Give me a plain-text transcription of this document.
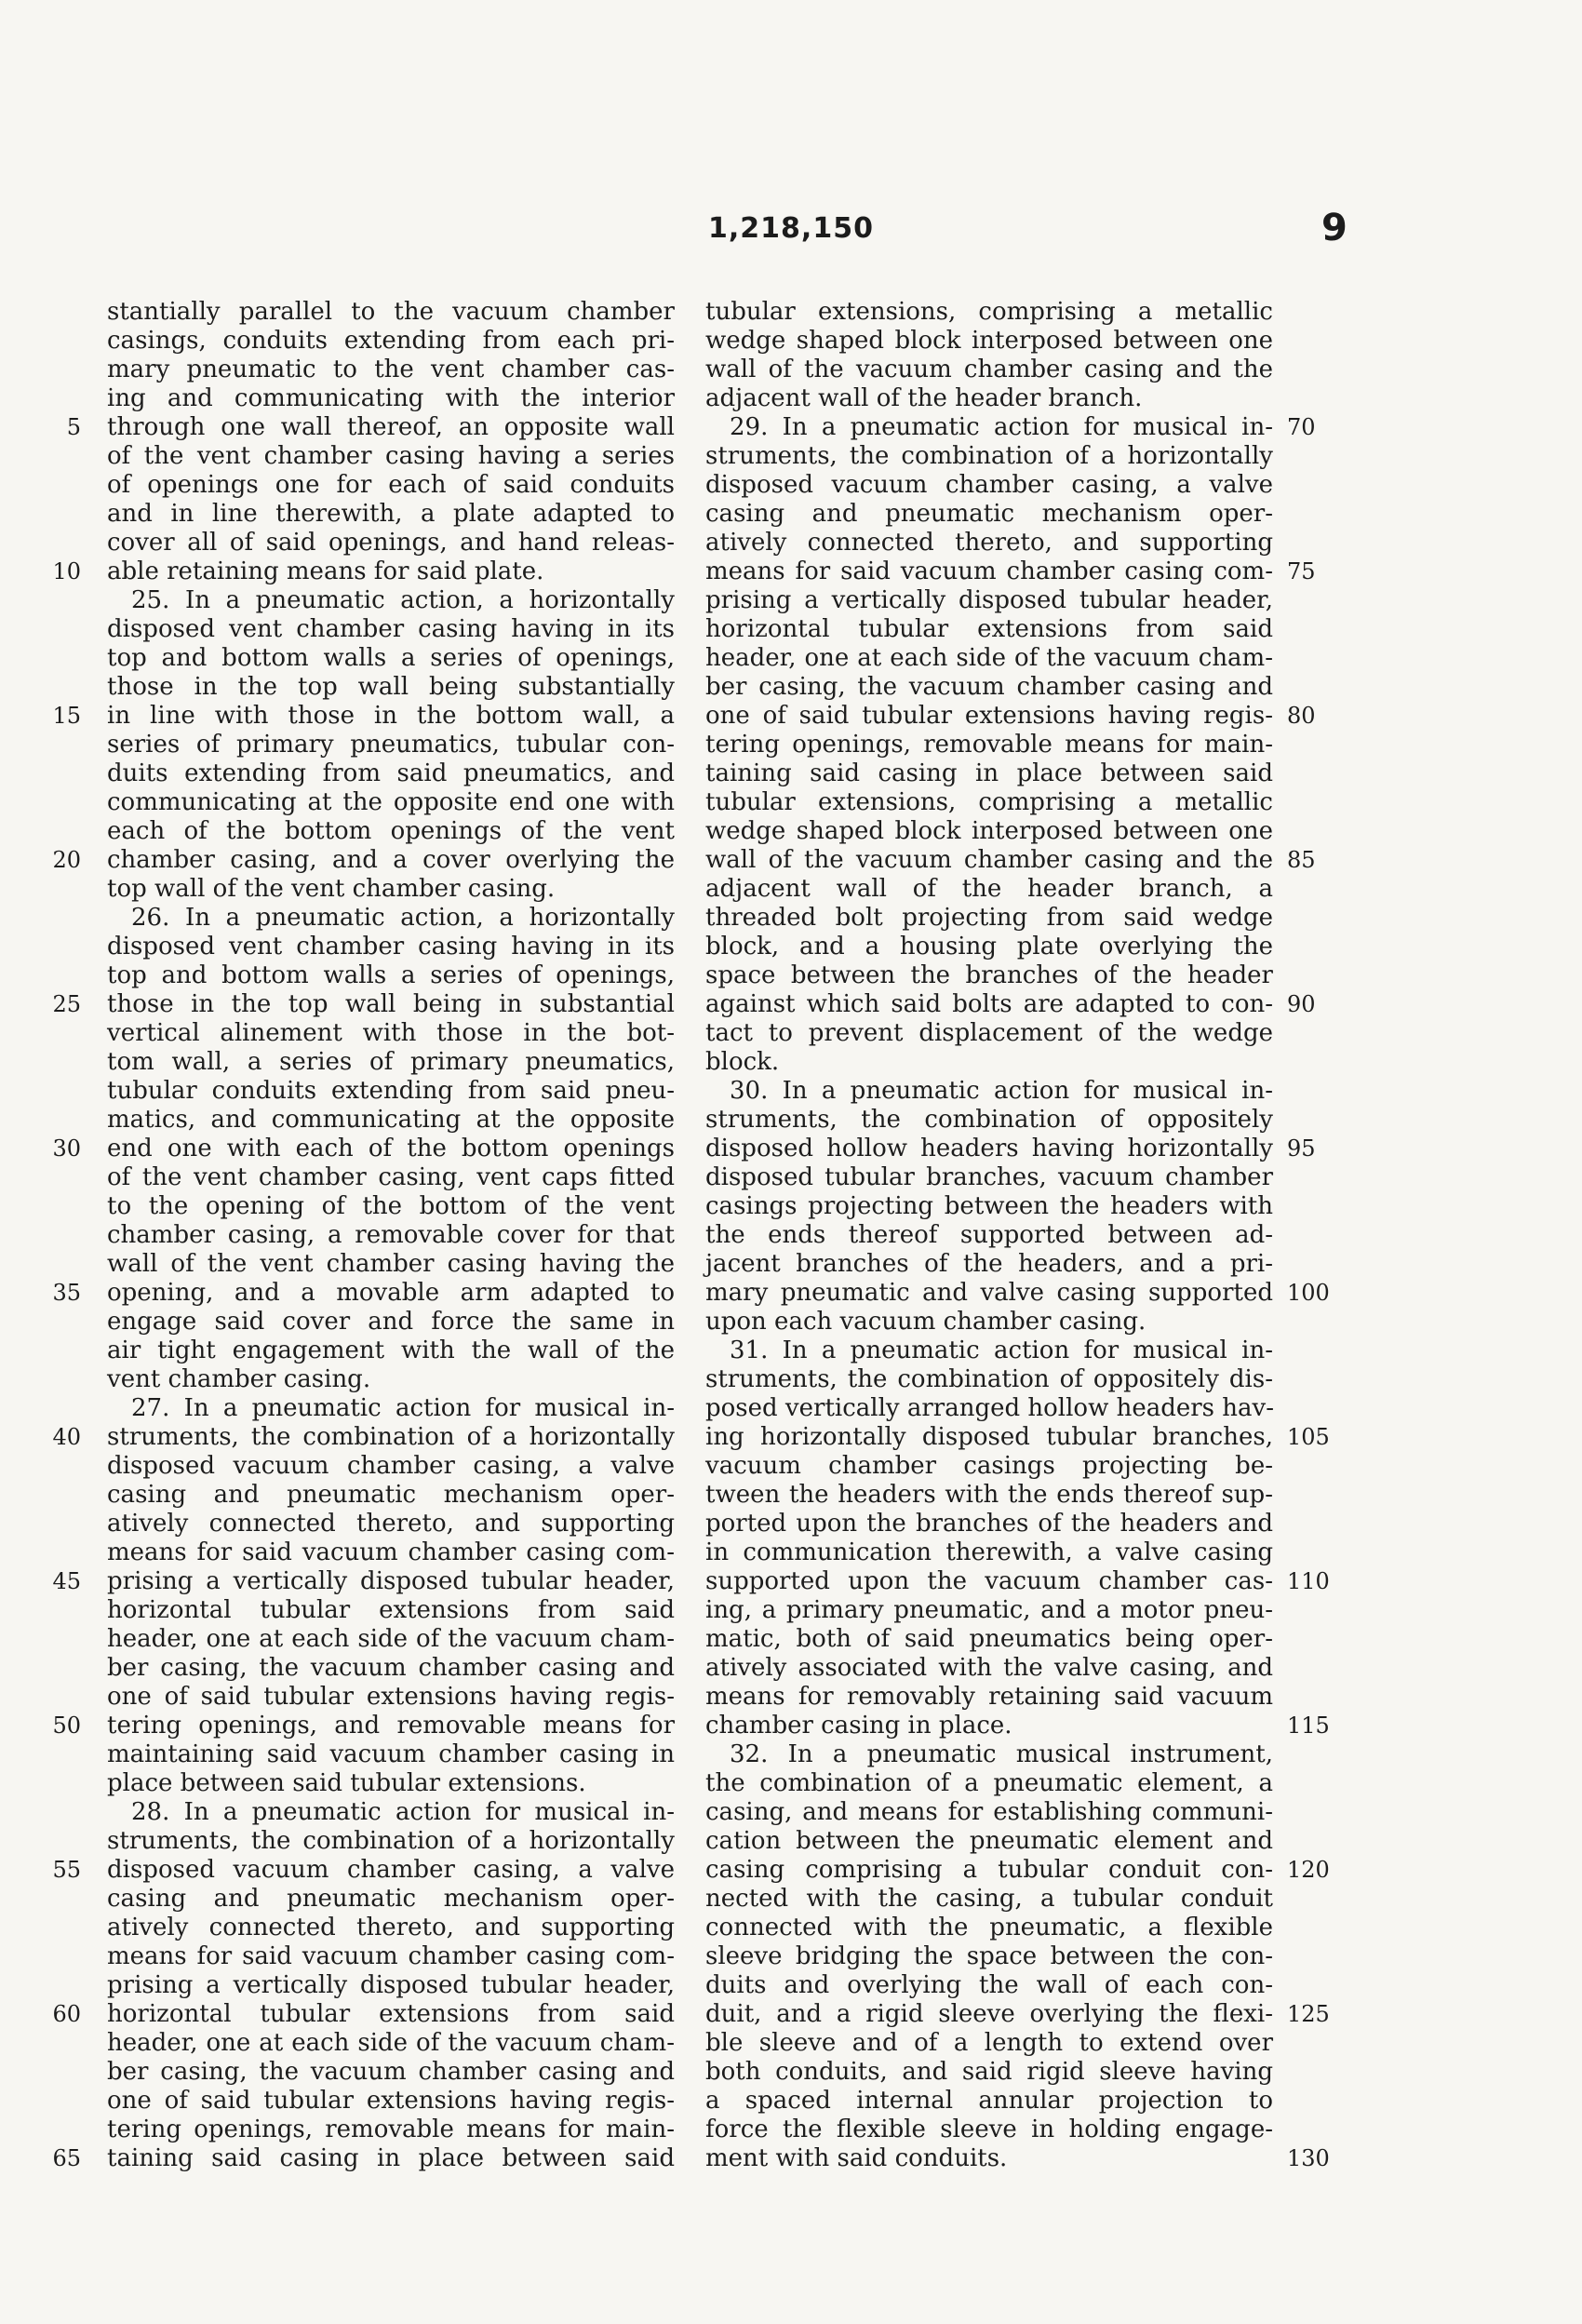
1,218,150	9
stantially parallel to the vacuum chamber
casings, conduits extending from each pri-
mary pneumatic to the vent chamber cas-
ing and communicating with the interior
through one wall thereof, an opposite wall
5
of the vent chamber casing having a series
of openings one for each of said conduits
and in line therewith, a plate adapted to
cover all of said openings, and hand releas-
able retaining means for said plate.
10
25. In a pneumatic action, a horizontally
disposed vent chamber casing having in its
top and bottom walls a series of openings,
those in the top wall being substantially
in line with those in the bottom wall, a
15
series of primary pneumatics, tubular con-
duits extending from said pneumatics, and
communicating at the opposite end one with
each of the bottom openings of the vent
chamber casing, and a cover overlying the
20
top wall of the vent chamber casing.
26. In a pneumatic action, a horizontally
disposed vent chamber casing having in its
top and bottom walls a series of openings,
those in the top wall being in substantial
25
vertical alinement with those in the bot-
tom wall, a series of primary pneumatics,
tubular conduits extending from said pneu-
matics, and communicating at the opposite
end one with each of the bottom openings
30
of the vent chamber casing, vent caps fitted
to the opening of the bottom of the vent
chamber casing, a removable cover for that
wall of the vent chamber casing having the
opening, and a movable arm adapted to
35
engage said cover and force the same in
air tight engagement with the wall of the
vent chamber casing.
27. In a pneumatic action for musical in-
struments, the combination of a horizontally
40
disposed vacuum chamber casing, a valve
casing and pneumatic mechanism oper-
atively connected thereto, and supporting
means for said vacuum chamber casing com-
prising a vertically disposed tubular header,
45
horizontal tubular extensions from said
header, one at each side of the vacuum cham-
ber casing, the vacuum chamber casing and
one of said tubular extensions having regis-
tering openings, and removable means for
50
maintaining said vacuum chamber casing in
place between said tubular extensions.
28. In a pneumatic action for musical in-
struments, the combination of a horizontally
disposed vacuum chamber casing, a valve
55
casing and pneumatic mechanism oper-
atively connected thereto, and supporting
means for said vacuum chamber casing com-
prising a vertically disposed tubular header,
horizontal tubular extensions from said
60
header, one at each side of the vacuum cham-
ber casing, the vacuum chamber casing and
one of said tubular extensions having regis-
tering openings, removable means for main-
taining said casing in place between said
65
tubular extensions, comprising a metallic
wedge shaped block interposed between one
wall of the vacuum chamber casing and the
adjacent wall of the header branch.
29. In a pneumatic action for musical in- 70
struments, the combination of a horizontally
disposed vacuum chamber casing, a valve
casing and pneumatic mechanism oper-
atively connected thereto, and supporting
means for said vacuum chamber casing com- 75
prising a vertically disposed tubular header,
horizontal tubular extensions from said
header, one at each side of the vacuum cham-
ber casing, the vacuum chamber casing and
one of said tubular extensions having regis- 80
tering openings, removable means for main-
taining said casing in place between said
tubular extensions, comprising a metallic
wedge shaped block interposed between one
wall of the vacuum chamber casing and the 85
adjacent wall of the header branch, a
threaded bolt projecting from said wedge
block, and a housing plate overlying the
space between the branches of the header
against which said bolts are adapted to con- 90
tact to prevent displacement of the wedge
block.
30. In a pneumatic action for musical in-
struments, the combination of oppositely
disposed hollow headers having horizontally 95
disposed tubular branches, vacuum chamber
casings projecting between the headers with
the ends thereof supported between ad-
jacent branches of the headers, and a pri-
mary pneumatic and valve casing supported 100
upon each vacuum chamber casing.
31. In a pneumatic action for musical in-
struments, the combination of oppositely dis-
posed vertically arranged hollow headers hav-
ing horizontally disposed tubular branches, 105
vacuum chamber casings projecting be-
tween the headers with the ends thereof sup-
ported upon the branches of the headers and
in communication therewith, a valve casing
supported upon the vacuum chamber cas- 110
ing, a primary pneumatic, and a motor pneu-
matic, both of said pneumatics being oper-
atively associated with the valve casing, and
means for removably retaining said vacuum
chamber casing in place.	115
32. In a pneumatic musical instrument,
the combination of a pneumatic element, a
casing, and means for establishing communi-
cation between the pneumatic element and
casing comprising a tubular conduit con- 120
nected with the casing, a tubular conduit
connected with the pneumatic, a flexible
sleeve bridging the space between the con-
duits and overlying the wall of each con-
duit, and a rigid sleeve overlying the flexi- 125
ble sleeve and of a length to extend over
both conduits, and said rigid sleeve having
a spaced internal annular projection to
force the flexible sleeve in holding engage-
ment with said conduits.	130
